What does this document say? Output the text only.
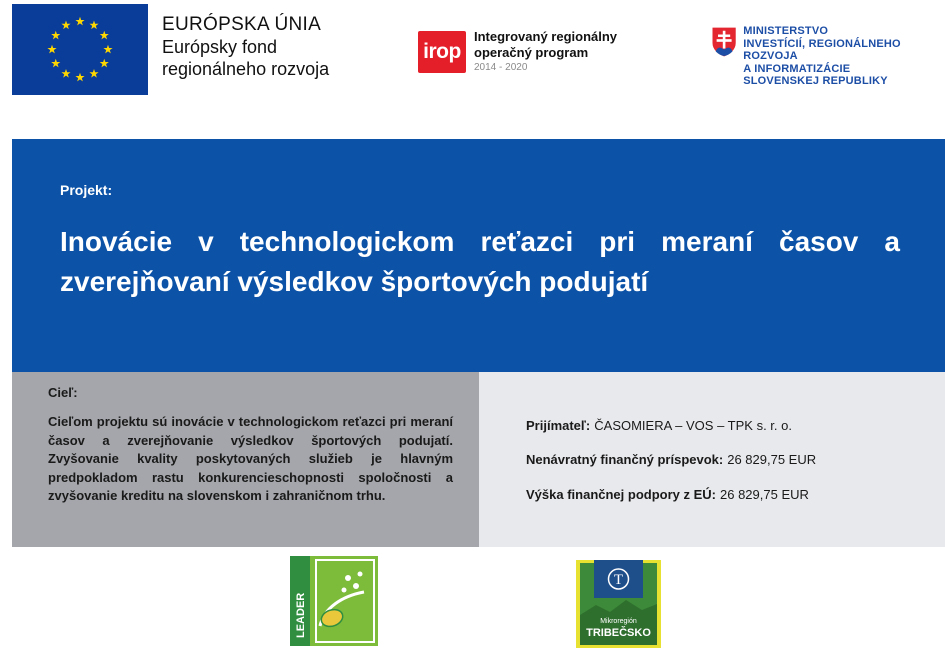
EURÓPSKA ÚNIA
Európsky fond
regionálneho rozvoja
irop
Integrovaný regionálny
operačný program
2014 - 2020
MINISTERSTVO
INVESTÍCIÍ, REGIONÁLNEHO ROZVOJA
A INFORMATIZÁCIE
SLOVENSKEJ REPUBLIKY
Projekt:
Inovácie v technologickom reťazci pri meraní časov a zverejňovaní výsledkov športových podujatí
Cieľ:
Cieľom projektu sú inovácie v technologickom reťazci pri meraní časov a zverejňovanie výsledkov športových podujatí. Zvyšovanie kvality poskytovaných služieb je hlavným predpokladom rastu konkurencieschopnosti spoločnosti a zvyšovanie kreditu na slovenskom i zahraničnom trhu.
Prijímateľ: ČASOMIERA – VOS – TPK s. r. o.
Nenávratný finančný príspevok: 26 829,75 EUR
Výška finančnej podpory z EÚ: 26 829,75 EUR
LEADER
T
Mikroregión
TRIBEČSKO
